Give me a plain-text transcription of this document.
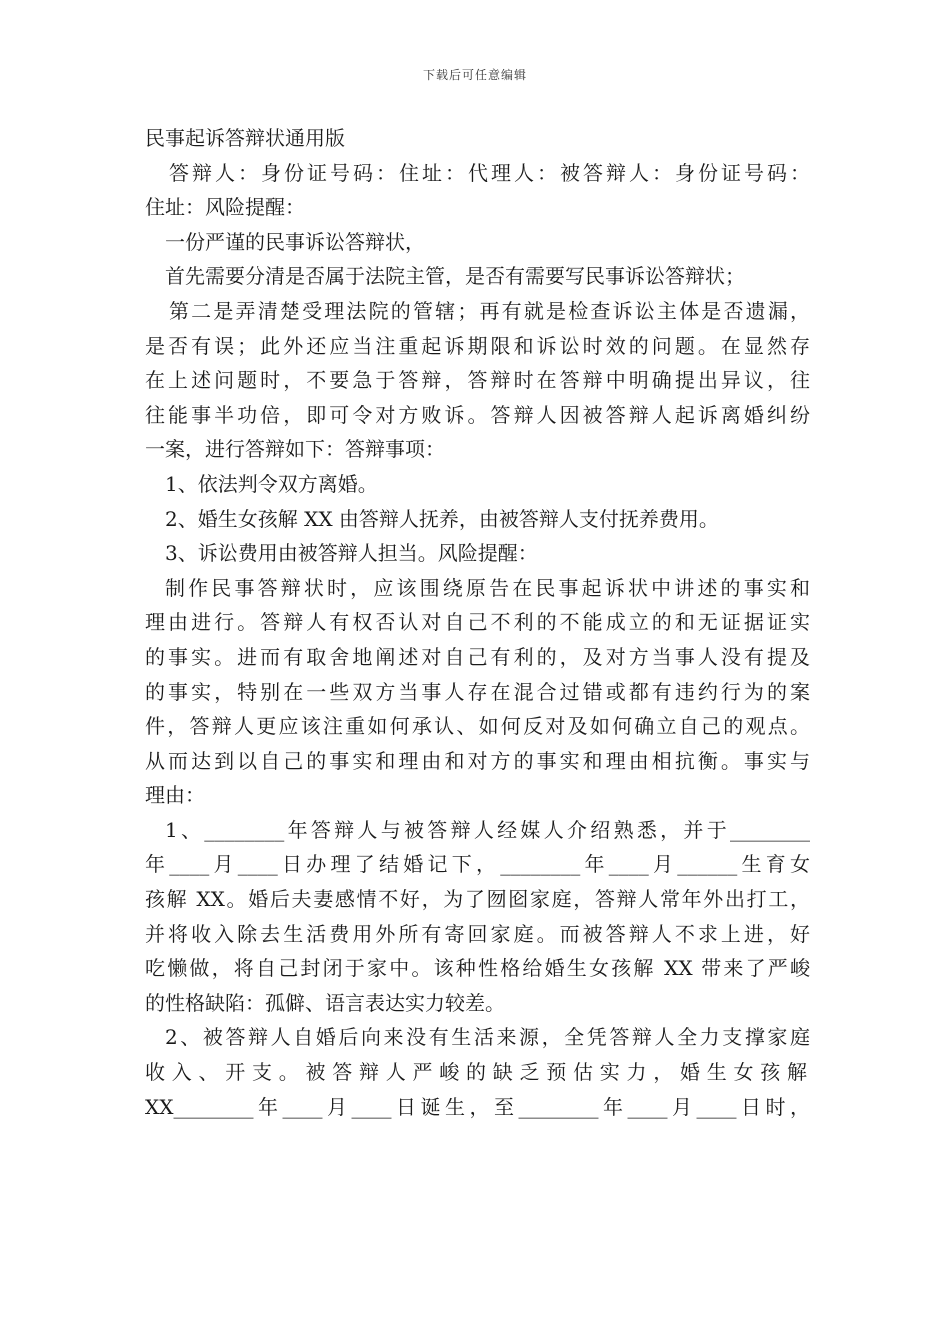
下载后可任意编辑
民事起诉答辩状通用版
答辩人：身份证号码：住址：代理人：被答辩人：身份证号码：
住址：风险提醒：
一份严谨的民事诉讼答辩状，
首先需要分清是否属于法院主管，是否有需要写民事诉讼答辩状；
第二是弄清楚受理法院的管辖；再有就是检查诉讼主体是否遗漏，
是否有误；此外还应当注重起诉期限和诉讼时效的问题。在显然存
在上述问题时，不要急于答辩，答辩时在答辩中明确提出异议，往
往能事半功倍，即可令对方败诉。答辩人因被答辩人起诉离婚纠纷
一案，进行答辩如下：答辩事项：
1、依法判令双方离婚。
2、婚生女孩解 XX 由答辩人抚养，由被答辩人支付抚养费用。
3、诉讼费用由被答辩人担当。风险提醒：
制作民事答辩状时，应该围绕原告在民事起诉状中讲述的事实和
理由进行。答辩人有权否认对自己不利的不能成立的和无证据证实
的事实。进而有取舍地阐述对自己有利的，及对方当事人没有提及
的事实，特别在一些双方当事人存在混合过错或都有违约行为的案
件，答辩人更应该注重如何承认、如何反对及如何确立自己的观点。
从而达到以自己的事实和理由和对方的事实和理由相抗衡。事实与
理由：
1、________年答辩人与被答辩人经媒人介绍熟悉，并于________
年____月____日办理了结婚记下，________年____月______生育女
孩解 XX。婚后夫妻感情不好，为了囫囵家庭，答辩人常年外出打工，
并将收入除去生活费用外所有寄回家庭。而被答辩人不求上进，好
吃懒做，将自己封闭于家中。该种性格给婚生女孩解 XX 带来了严峻
的性格缺陷：孤僻、语言表达实力较差。
2、被答辩人自婚后向来没有生活来源，全凭答辩人全力支撑家庭
收入、开支。被答辩人严峻的缺乏预估实力，婚生女孩解
XX________年____月____日诞生，至________年____月____日时，
